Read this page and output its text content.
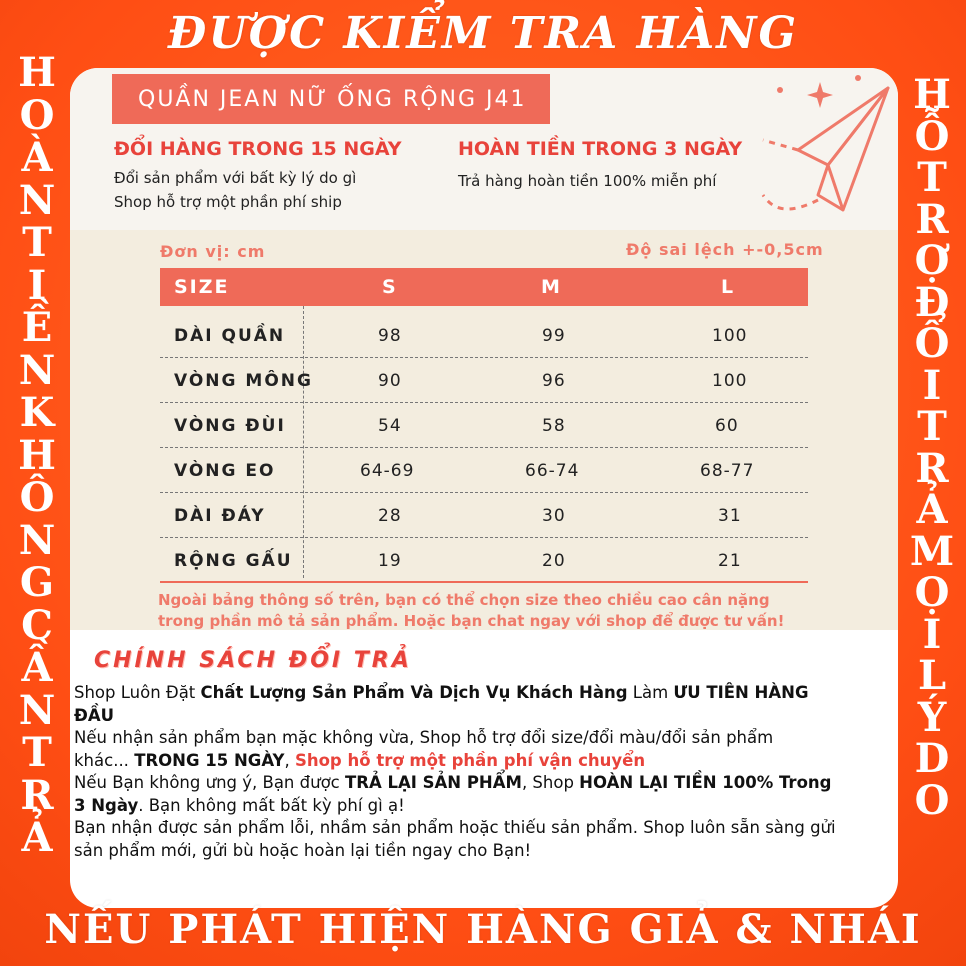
ĐƯỢC KIỂM TRA HÀNG
H
O
À
N
T
I
Ề
N
K
H
Ô
N
G
C
Ầ
N
T
R
Ả
H
Ỗ
T
R
Ợ
Đ
Ổ
I
T
R
Ả
M
Ọ
I
L
Ý
D
O
QUẦN JEAN NỮ ỐNG RỘNG J41
ĐỔI HÀNG TRONG 15 NGÀY
Đổi sản phẩm với bất kỳ lý do gì
Shop hỗ trợ một phần phí ship
HOÀN TIỀN TRONG 3 NGÀY
Trả hàng hoàn tiền 100% miễn phí
Đơn vị: cm	Độ sai lệch +-0,5cm
SIZE	S	M	L
DÀI QUẦN	98	99	100
VÒNG MÔNG	90	96	100
VÒNG ĐÙI	54	58	60
VÒNG EO	64-69	66-74	68-77
DÀI ĐÁY	28	30	31
RỘNG GẤU	19	20	21
Ngoài bảng thông số trên, bạn có thể chọn size theo chiều cao cân nặng
trong phần mô tả sản phẩm. Hoặc bạn chat ngay với shop để được tư vấn!
CHÍNH SÁCH ĐỔI TRẢ
Shop Luôn Đặt Chất Lượng Sản Phẩm Và Dịch Vụ Khách Hàng Làm ƯU TIÊN HÀNG
ĐẦU
Nếu nhận sản phẩm bạn mặc không vừa, Shop hỗ trợ đổi size/đổi màu/đổi sản phẩm
khác... TRONG 15 NGÀY, Shop hỗ trợ một phần phí vận chuyển
Nếu Bạn không ưng ý, Bạn được TRẢ LẠI SẢN PHẨM, Shop HOÀN LẠI TIỀN 100% Trong
3 Ngày. Bạn không mất bất kỳ phí gì ạ!
Bạn nhận được sản phẩm lỗi, nhầm sản phẩm hoặc thiếu sản phẩm. Shop luôn sẵn sàng gửi
sản phẩm mới, gửi bù hoặc hoàn lại tiền ngay cho Bạn!
NẾU PHÁT HIỆN HÀNG GIẢ & NHÁI
